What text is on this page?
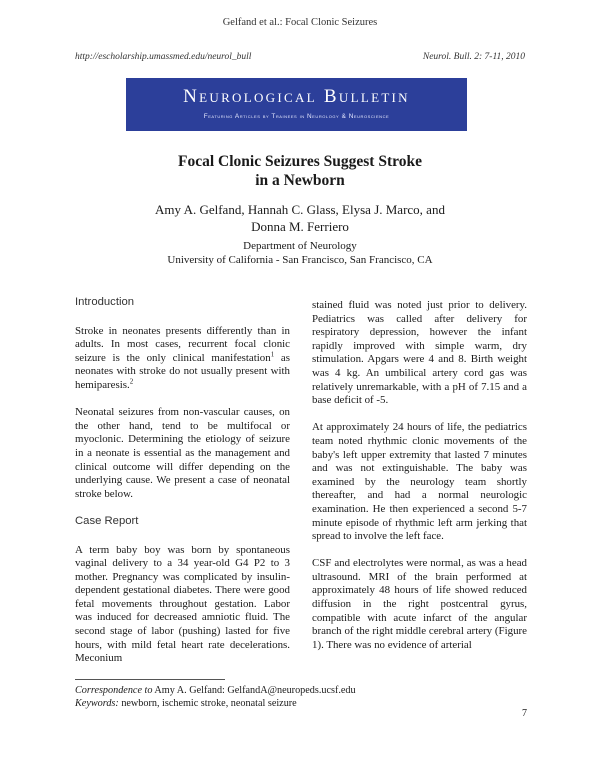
Gelfand et al.: Focal Clonic Seizures
http://escholarship.umassmed.edu/neurol_bull	Neurol. Bull. 2: 7-11, 2010
Neurological Bulletin
Featuring Articles by Trainees in Neurology & Neuroscience
Focal Clonic Seizures Suggest Stroke
in a Newborn
Amy A. Gelfand, Hannah C. Glass, Elysa J. Marco, and
Donna M. Ferriero
Department of Neurology
University of California - San Francisco, San Francisco, CA
Introduction

Stroke in neonates presents differently than in adults. In most cases, recurrent focal clonic seizure is the only clinical manifestation$^1$ as neonates with stroke do not usually present with hemiparesis.$^2$

Neonatal seizures from non-vascular causes, on the other hand, tend to be multifocal or myoclonic. Determining the etiology of seizure in a neonate is essential as the management and clinical outcome will differ depending on the underlying cause. We present a case of neonatal stroke below.

Case Report

A term baby boy was born by spontaneous vaginal delivery to a 34 year-old G4 P2 to 3 mother. Pregnancy was complicated by insulin-dependent gestational diabetes. There were good fetal movements throughout gestation. Labor was induced for decreased amniotic fluid. The second stage of labor (pushing) lasted for five hours, with mild fetal heart rate decelerations. Meconium

stained fluid was noted just prior to delivery. Pediatrics was called after delivery for respiratory depression, however the infant rapidly improved with simple warm, dry stimulation. Apgars were 4 and 8. Birth weight was 4 kg. An umbilical artery cord gas was relatively unremarkable, with a pH of 7.15 and a base deficit of -5.

At approximately 24 hours of life, the pediatrics team noted rhythmic clonic movements of the baby's left upper extremity that lasted 7 minutes and was not extinguishable. The baby was examined by the neurology team shortly thereafter, and had a normal neurologic examination. He then experienced a second 5-7 minute episode of rhythmic left arm jerking that spread to involve the left face.

CSF and electrolytes were normal, as was a head ultrasound. MRI of the brain performed at approximately 48 hours of life showed reduced diffusion in the right postcentral gyrus, compatible with acute infarct of the angular branch of the right middle cerebral artery (Figure 1). There was no evidence of arterial

Correspondence to Amy A. Gelfand: GelfandA@neuropeds.ucsf.edu
Keywords: newborn, ischemic stroke, neonatal seizure
7
